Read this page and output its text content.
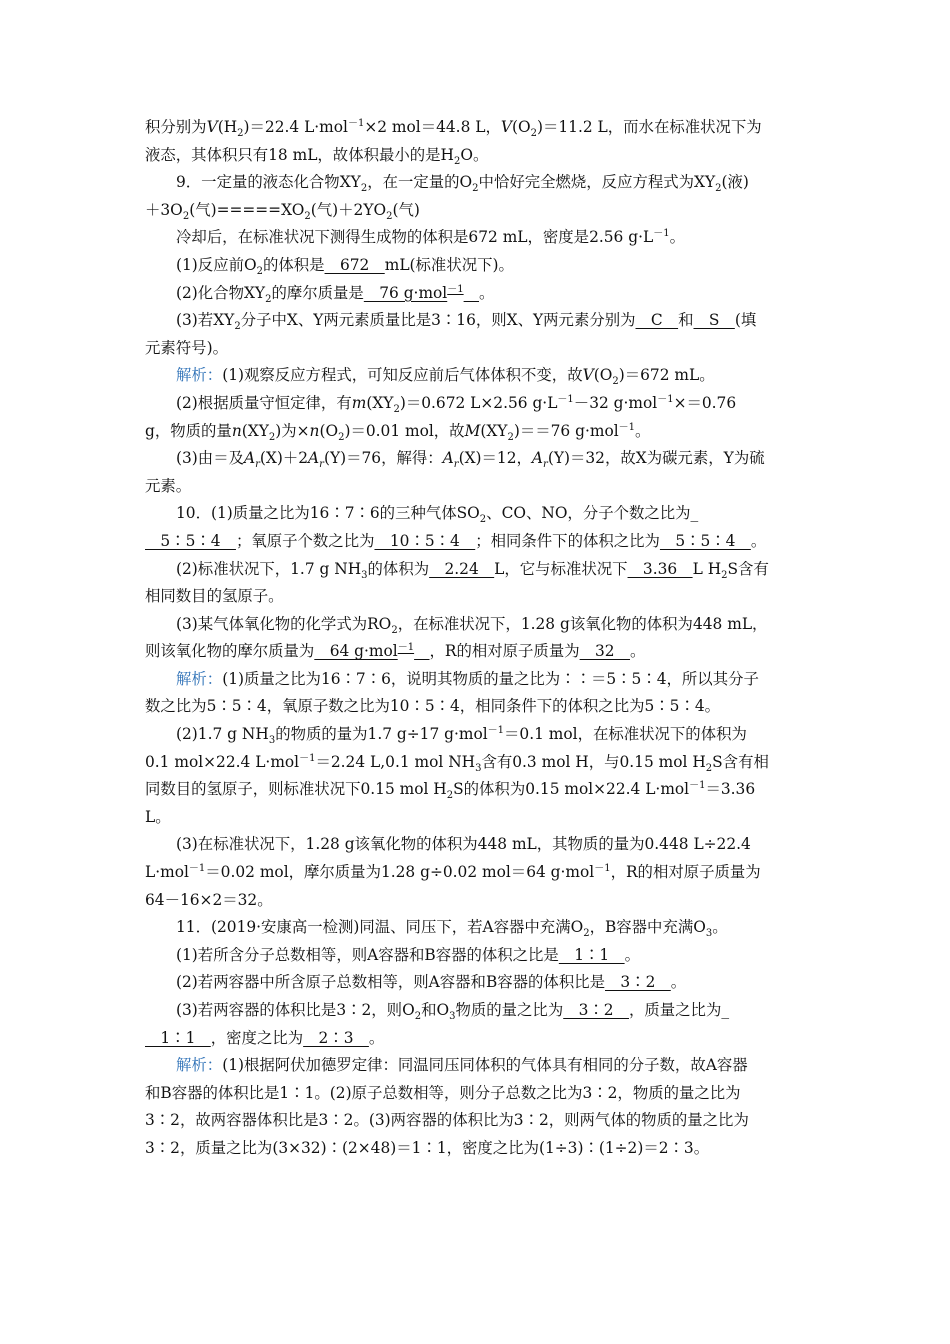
积分别为$V(H_2)=22.4$ L·mol$^{-1}$×2 mol＝44.8 L，$V(O_2)=11.2$ L，而水在标准状况下为
液态，其体积只有18 mL，故体积最小的是$H_2O$。
9．一定量的液态化合物$XY_2$，在一定量的$O_2$中恰好完全燃烧，反应方程式为$XY_2$(液)
$+3O_2$(气)$=====XO_2$(气)$+2YO_2$(气)
冷却后，在标准状况下测得生成物的体积是672 mL，密度是2.56 $g\cdot L^{-1}$。
(1)反应前$O_2$的体积是　672　mL(标准状况下)。
(2)化合物$XY_2$的摩尔质量是　76 g·mol$^{-1}$　 。
(3)若$XY_2$分子中X、Y两元素质量比是3∶16，则X、Y两元素分别为　C　和　S　(填
元素符号)。
解析：(1)观察反应方程式，可知反应前后气体体积不变，故$V(O_2)=672$ mL。
(2)根据质量守恒定律，有$m(XY_2)=0.672$ L×2.56 $g\cdot L^{-1}-32$ g·mol$^{-1}$×＝0.76
g，物质的量$n(XY_2)$为$\times n(O_2)=0.01$ mol，故$M(XY_2)==76$ g·mol$^{-1}$。
(3)由＝及$A_r(X)+2A_r(Y)=76$，解得：$A_r(X)=12$，$A_r(Y)=32$，故X为碳元素，Y为硫
元素。
10．(1)质量之比为16∶7∶6的三种气体$SO_2$、CO、NO，分子个数之比为_
　5∶5∶4　；氧原子个数之比为　10∶5∶4　；相同条件下的体积之比为　5∶5∶4　。
(2)标准状况下，1.7 g $NH_3$的体积为　2.24　L，它与标准状况下　3.36　L $H_2S$含有
相同数目的氢原子。
(3)某气体氧化物的化学式为$RO_2$，在标准状况下，1.28 g该氧化物的体积为448 mL，
则该氧化物的摩尔质量为　64 g·mol$^{-1}$　 ，R的相对原子质量为　32　。
解析：(1)质量之比为16∶7∶6，说明其物质的量之比为∶∶＝5∶5∶4，所以其分子
数之比为5∶5∶4，氧原子数之比为10∶5∶4，相同条件下的体积之比为5∶5∶4。
(2)1.7 g $NH_3$的物质的量为1.7 g÷17 g·mol$^{-1}$＝0.1 mol，在标准状况下的体积为
0.1 mol×22.4 L·mol$^{-1}$＝2.24 L,0.1 mol $NH_3$含有0.3 mol H，与0.15 mol $H_2S$含有相
同数目的氢原子，则标准状况下0.15 mol $H_2S$的体积为0.15 mol×22.4 L·mol$^{-1}$＝3.36
L。
(3)在标准状况下，1.28 g该氧化物的体积为448 mL，其物质的量为0.448 L÷22.4
L·mol$^{-1}$＝0.02 mol，摩尔质量为1.28 g÷0.02 mol＝64 g·mol$^{-1}$，R的相对原子质量为
64－16×2＝32。
11．(2019·安康高一检测)同温、同压下，若A容器中充满$O_2$，B容器中充满$O_3$。
(1)若所含分子总数相等，则A容器和B容器的体积之比是　1∶1　。
(2)若两容器中所含原子总数相等，则A容器和B容器的体积比是　3∶2　。
(3)若两容器的体积比是3∶2，则$O_2$和$O_3$物质的量之比为　3∶2　，质量之比为_
　1∶1　，密度之比为　2∶3　。
解析：(1)根据阿伏加德罗定律：同温同压同体积的气体具有相同的分子数，故A容器
和B容器的体积比是1∶1。(2)原子总数相等，则分子总数之比为3∶2，物质的量之比为
3∶2，故两容器体积比是3∶2。(3)两容器的体积比为3∶2，则两气体的物质的量之比为
3∶2，质量之比为(3×32)∶(2×48)＝1∶1，密度之比为(1÷3)∶(1÷2)＝2∶3。
